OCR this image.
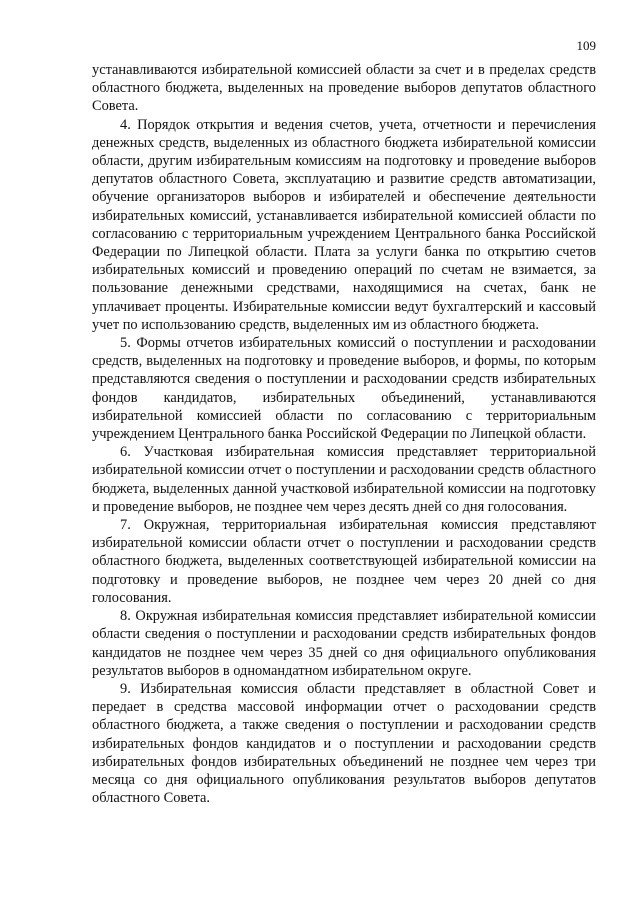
109

устанавливаются избирательной комиссией области за счет и в пределах средств областного бюджета, выделенных на проведение выборов депутатов областного Совета.

4. Порядок открытия и ведения счетов, учета, отчетности и перечисления денежных средств, выделенных из областного бюджета избирательной комиссии области, другим избирательным комиссиям на подготовку и проведение выборов депутатов областного Совета, эксплуатацию и развитие средств автоматизации, обучение организаторов выборов и избирателей и обеспечение деятельности избирательных комиссий, устанавливается избирательной комиссией области по согласованию с территориальным учреждением Центрального банка Российской Федерации по Липецкой области. Плата за услуги банка по открытию счетов избирательных комиссий и проведению операций по счетам не взимается, за пользование денежными средствами, находящимися на счетах, банк не уплачивает проценты. Избирательные комиссии ведут бухгалтерский и кассовый учет по использованию средств, выделенных им из областного бюджета.

5. Формы отчетов избирательных комиссий о поступлении и расходовании средств, выделенных на подготовку и проведение выборов, и формы, по которым представляются сведения о поступлении и расходовании средств избирательных фондов кандидатов, избирательных объединений, устанавливаются избирательной комиссией области по согласованию с территориальным учреждением Центрального банка Российской Федерации по Липецкой области.

6. Участковая избирательная комиссия представляет территориальной избирательной комиссии отчет о поступлении и расходовании средств областного бюджета, выделенных данной участковой избирательной комиссии на подготовку и проведение выборов, не позднее чем через десять дней со дня голосования.

7. Окружная, территориальная избирательная комиссия представляют избирательной комиссии области отчет о поступлении и расходовании средств областного бюджета, выделенных соответствующей избирательной комиссии на подготовку и проведение выборов, не позднее чем через 20 дней со дня голосования.

8. Окружная избирательная комиссия представляет избирательной комиссии области сведения о поступлении и расходовании средств избирательных фондов кандидатов не позднее чем через 35 дней со дня официального опубликования результатов выборов в одномандатном избирательном округе.

9. Избирательная комиссия области представляет в областной Совет и передает в средства массовой информации отчет о расходовании средств областного бюджета, а также сведения о поступлении и расходовании средств избирательных фондов кандидатов и о поступлении и расходовании средств избирательных фондов избирательных объединений не позднее чем через три месяца со дня официального опубликования результатов выборов депутатов областного Совета.
